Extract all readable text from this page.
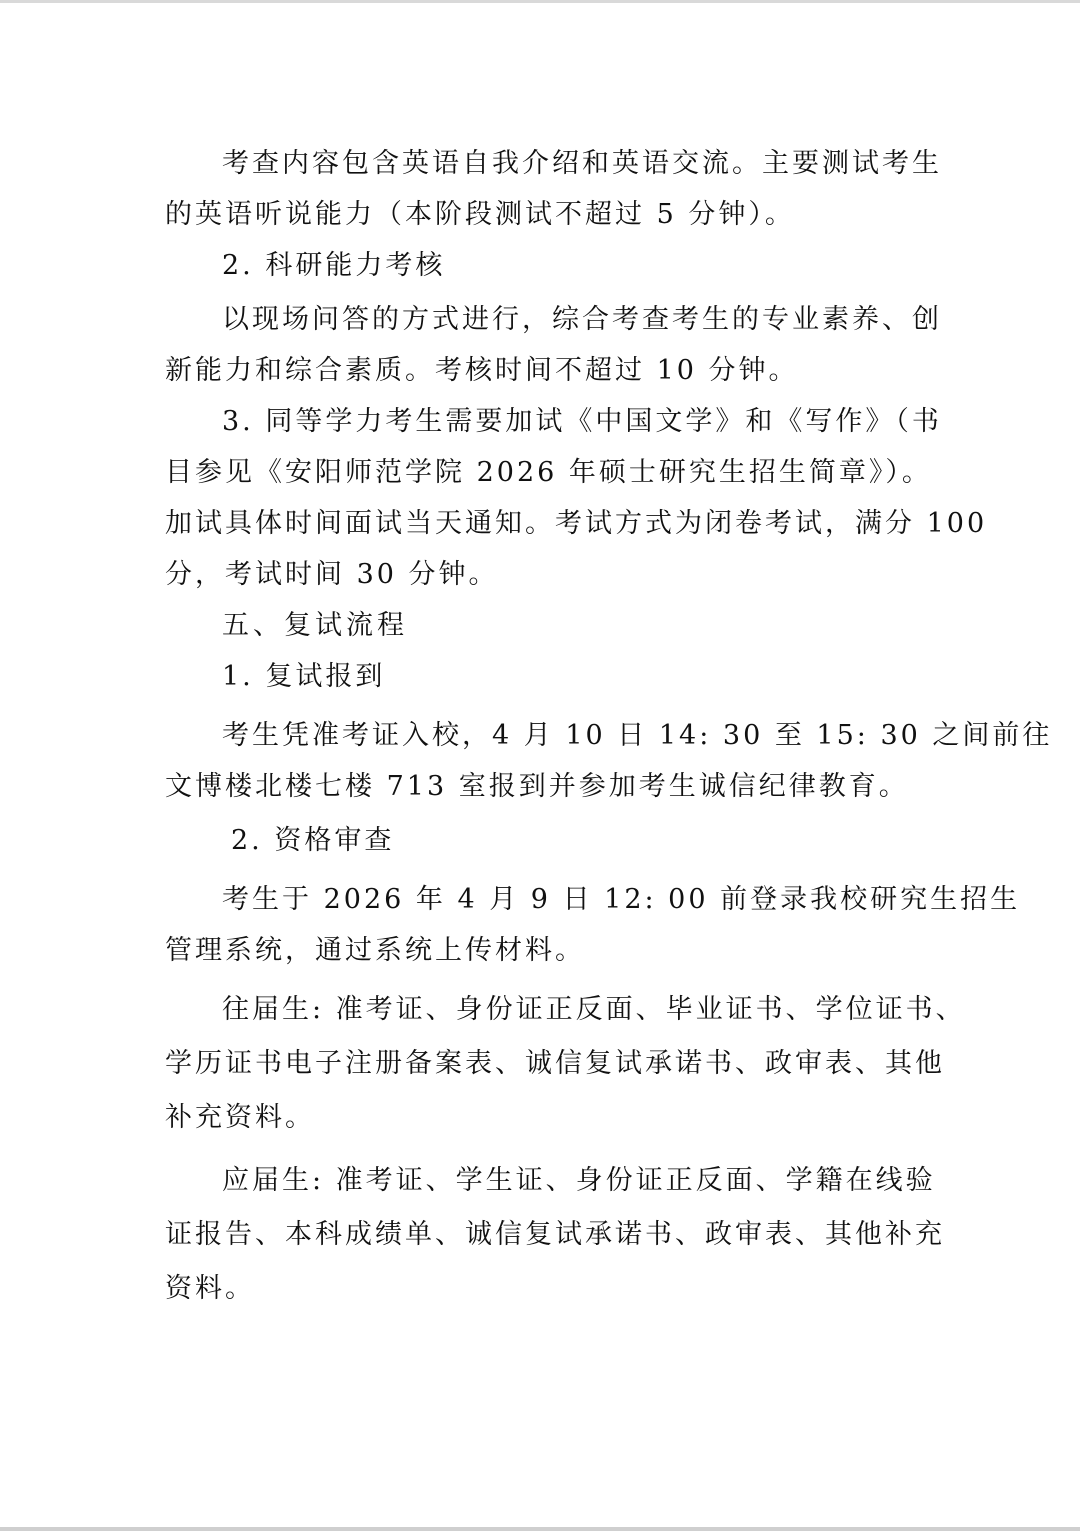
考查内容包含英语自我介绍和英语交流。主要测试考生
的英语听说能力（本阶段测试不超过 5 分钟）。
2. 科研能力考核
以现场问答的方式进行，综合考查考生的专业素养、创
新能力和综合素质。考核时间不超过 10 分钟。
3. 同等学力考生需要加试《中国文学》和《写作》（书
目参见《安阳师范学院 2026 年硕士研究生招生简章》）。
加试具体时间面试当天通知。考试方式为闭卷考试，满分 100
分，考试时间 30 分钟。
五、复试流程
1. 复试报到
考生凭准考证入校，4 月 10 日 14: 30 至 15: 30 之间前往
文博楼北楼七楼 713 室报到并参加考生诚信纪律教育。
2. 资格审查
考生于 2026 年 4 月 9 日 12: 00 前登录我校研究生招生
管理系统，通过系统上传材料。
往届生: 准考证、身份证正反面、毕业证书、学位证书、
学历证书电子注册备案表、诚信复试承诺书、政审表、其他
补充资料。
应届生: 准考证、学生证、身份证正反面、学籍在线验
证报告、本科成绩单、诚信复试承诺书、政审表、其他补充
资料。
